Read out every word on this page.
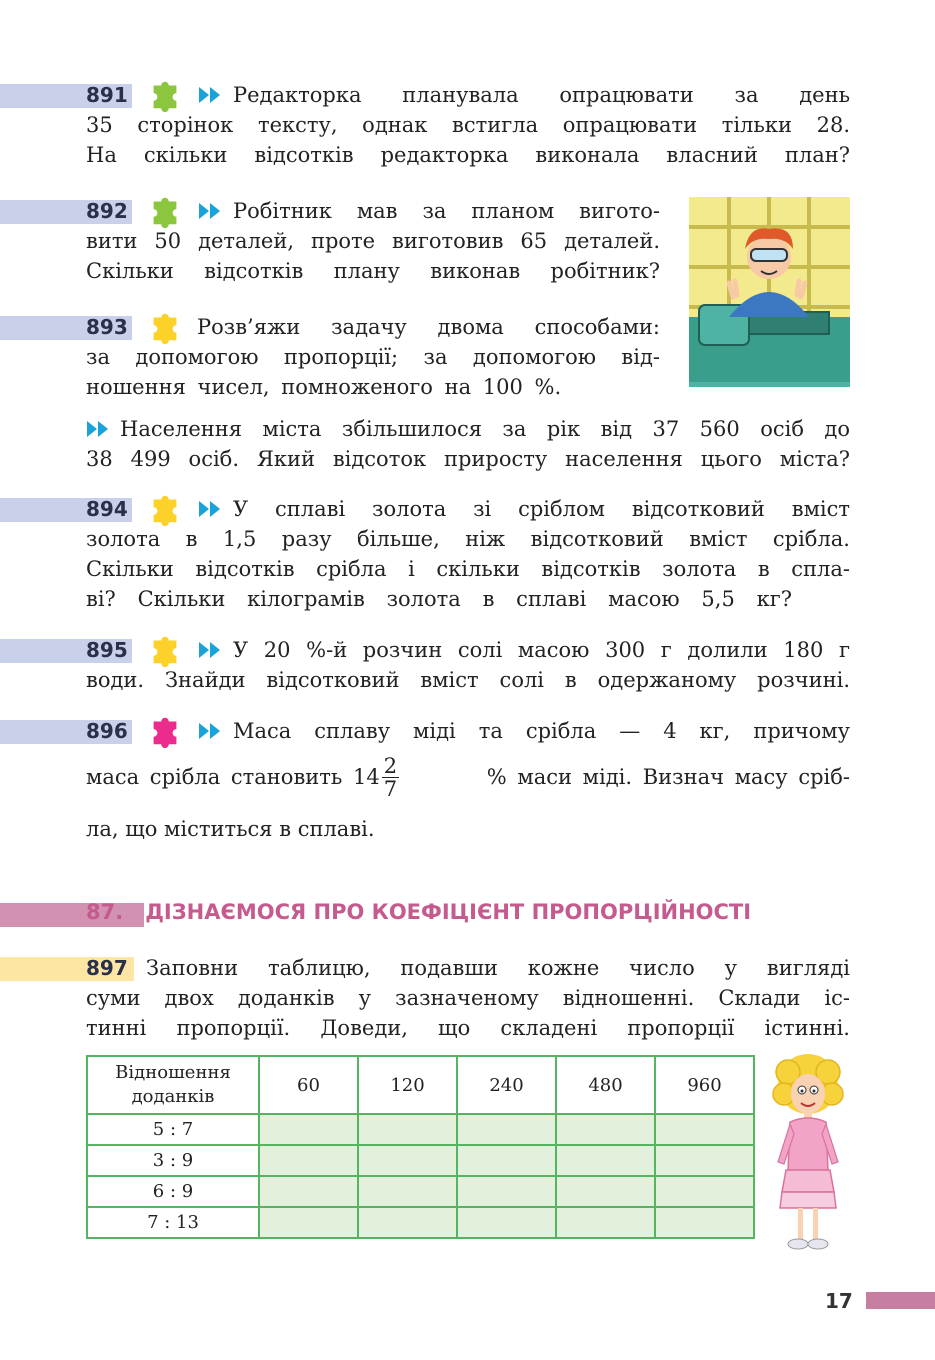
891	Редакторка планувала опрацювати за день
35 сторінок тексту, однак встигла опрацювати тільки 28.
На скільки відсотків редакторка виконала власний план?
892	Робітник мав за планом вигото-
вити 50 деталей, проте виготовив 65 деталей.
Скільки відсотків плану виконав робітник?
893	Розв’яжи задачу двома способами:
за допомогою пропорції; за допомогою від-
ношення чисел, помноженого на 100 %.
Населення міста збільшилося за рік від 37 560 осіб до
38 499 осіб. Який відсоток приросту населення цього міста?
894	У сплаві золота зі сріблом відсотковий вміст
золота в 1,5 разу більше, ніж відсотковий вміст срібла.
Скільки відсотків срібла і скільки відсотків золота в спла-
ві? Скільки кілограмів золота в сплаві масою 5,5 кг?
895	У 20 %-й розчин солі масою 300 г долили 180 г
води. Знайди відсотковий вміст солі в одержаному розчині.
896	Маса сплаву міді та срібла — 4 кг, причому
маса срібла становить $14 \frac{2}{7}$	% маси міді. Визнач масу сріб-
ла, що міститься в сплаві.
87. ДІЗНАЄМОСЯ ПРО КОЕФІЦІЄНТ ПРОПОРЦІЙНОСТІ
897 Заповни таблицю, подавши кожне число у вигляді
суми двох доданків у зазначеному відношенні. Склади іс-
тинні пропорції. Доведи, що складені пропорції істинні.
Відношення
доданків	60	120	240	480	960
5 : 7					
3 : 9					
6 : 9					
7 : 13					
17
